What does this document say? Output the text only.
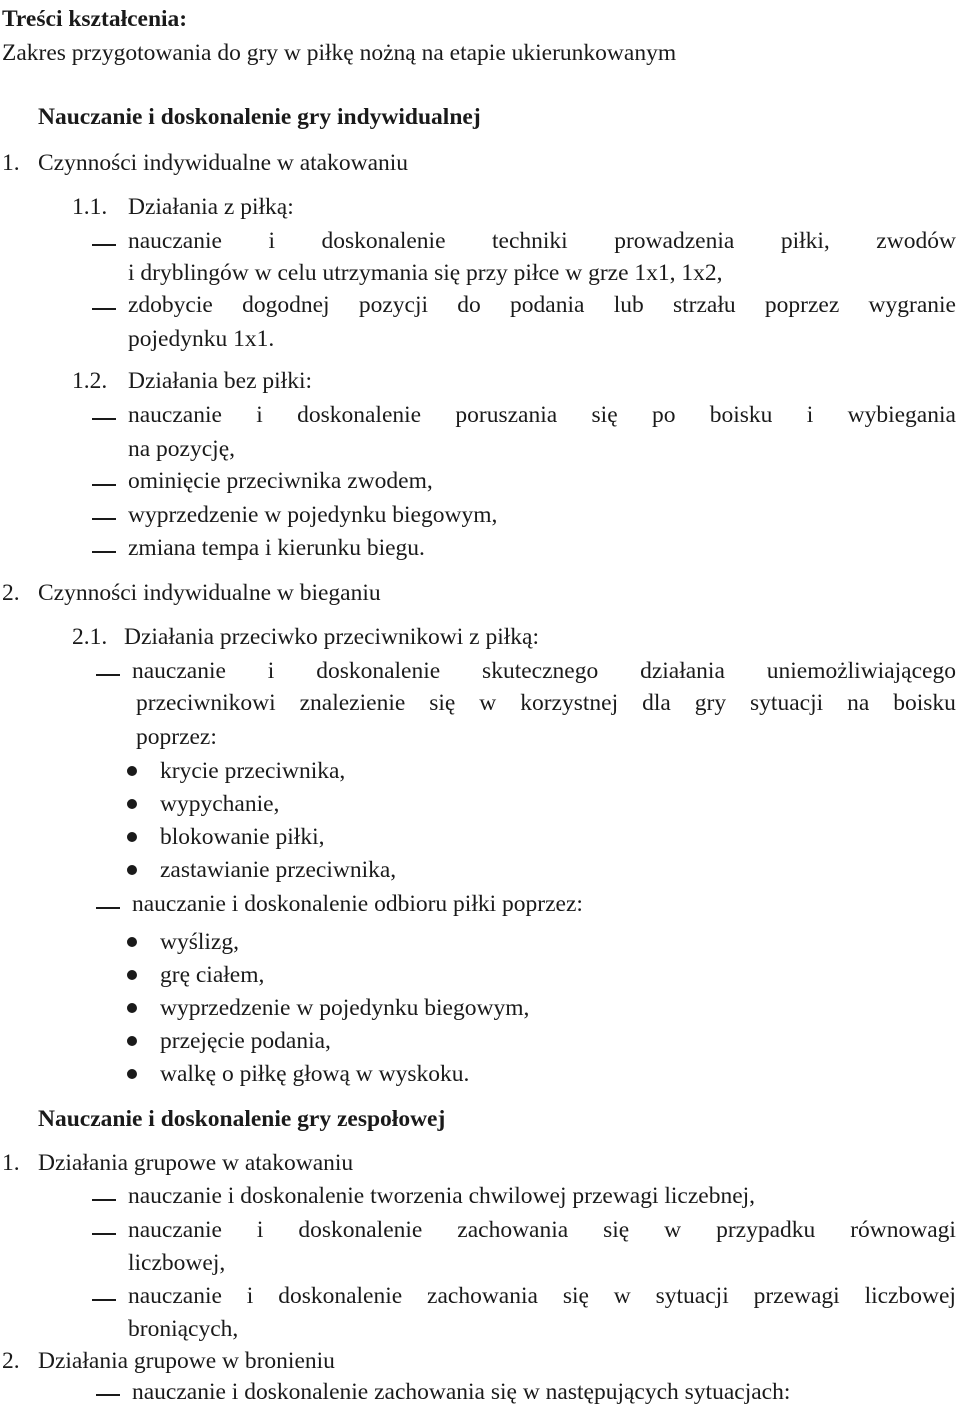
Treści kształcenia:
Zakres przygotowania do gry w piłkę nożną na etapie ukierunkowanym
Nauczanie i doskonalenie gry indywidualnej
1. Czynności indywidualne w atakowaniu
1.1. Działania z piłką:
nauczanie i doskonalenie techniki prowadzenia piłki, zwodów
i dryblingów w celu utrzymania się przy piłce w grze 1x1, 1x2,
zdobycie dogodnej pozycji do podania lub strzału poprzez wygranie
pojedynku 1x1.
1.2. Działania bez piłki:
nauczanie i doskonalenie poruszania się po boisku i wybiegania
na pozycję,
ominięcie przeciwnika zwodem,
wyprzedzenie w pojedynku biegowym,
zmiana tempa i kierunku biegu.
2. Czynności indywidualne w bieganiu
2.1. Działania przeciwko przeciwnikowi z piłką:
nauczanie i doskonalenie skutecznego działania uniemożliwiającego
przeciwnikowi znalezienie się w korzystnej dla gry sytuacji na boisku
poprzez:
krycie przeciwnika,
wypychanie,
blokowanie piłki,
zastawianie przeciwnika,
nauczanie i doskonalenie odbioru piłki poprzez:
wyślizg,
grę ciałem,
wyprzedzenie w pojedynku biegowym,
przejęcie podania,
walkę o piłkę głową w wyskoku.
Nauczanie i doskonalenie gry zespołowej
1. Działania grupowe w atakowaniu
nauczanie i doskonalenie tworzenia chwilowej przewagi liczebnej,
nauczanie i doskonalenie zachowania się w przypadku równowagi
liczbowej,
nauczanie i doskonalenie zachowania się w sytuacji przewagi liczbowej
broniących,
2. Działania grupowe w bronieniu
nauczanie i doskonalenie zachowania się w następujących sytuacjach:
